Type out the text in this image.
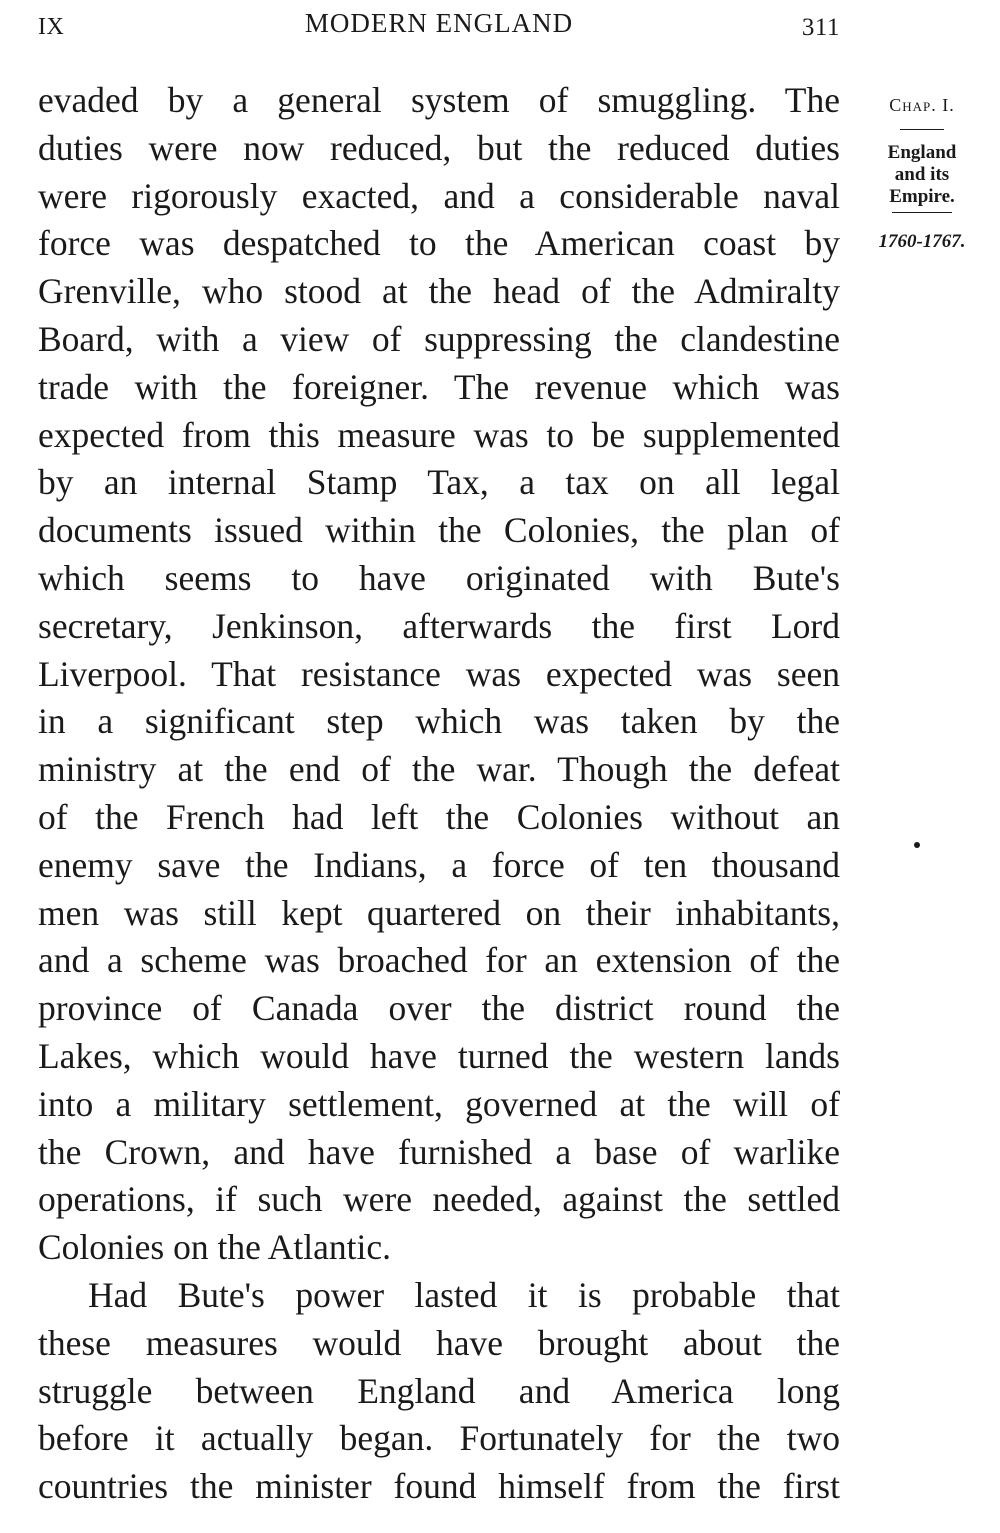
IX	MODERN ENGLAND	311
Chap. I.
England
and its
Empire.
1760-1767.
evaded by a general system of smuggling. The
duties were now reduced, but the reduced duties
were rigorously exacted, and a considerable naval
force was despatched to the American coast by
Grenville, who stood at the head of the Admiralty
Board, with a view of suppressing the clandestine
trade with the foreigner. The revenue which was
expected from this measure was to be supplemented
by an internal Stamp Tax, a tax on all legal
documents issued within the Colonies, the plan of
which seems to have originated with Bute's
secretary, Jenkinson, afterwards the first Lord
Liverpool. That resistance was expected was seen
in a significant step which was taken by the
ministry at the end of the war. Though the defeat
of the French had left the Colonies without an
enemy save the Indians, a force of ten thousand
men was still kept quartered on their inhabitants,
and a scheme was broached for an extension of the
province of Canada over the district round the
Lakes, which would have turned the western lands
into a military settlement, governed at the will of
the Crown, and have furnished a base of warlike
operations, if such were needed, against the settled
Colonies on the Atlantic.
Had Bute's power lasted it is probable that
these measures would have brought about the
struggle between England and America long
before it actually began. Fortunately for the two
countries the minister found himself from the first
